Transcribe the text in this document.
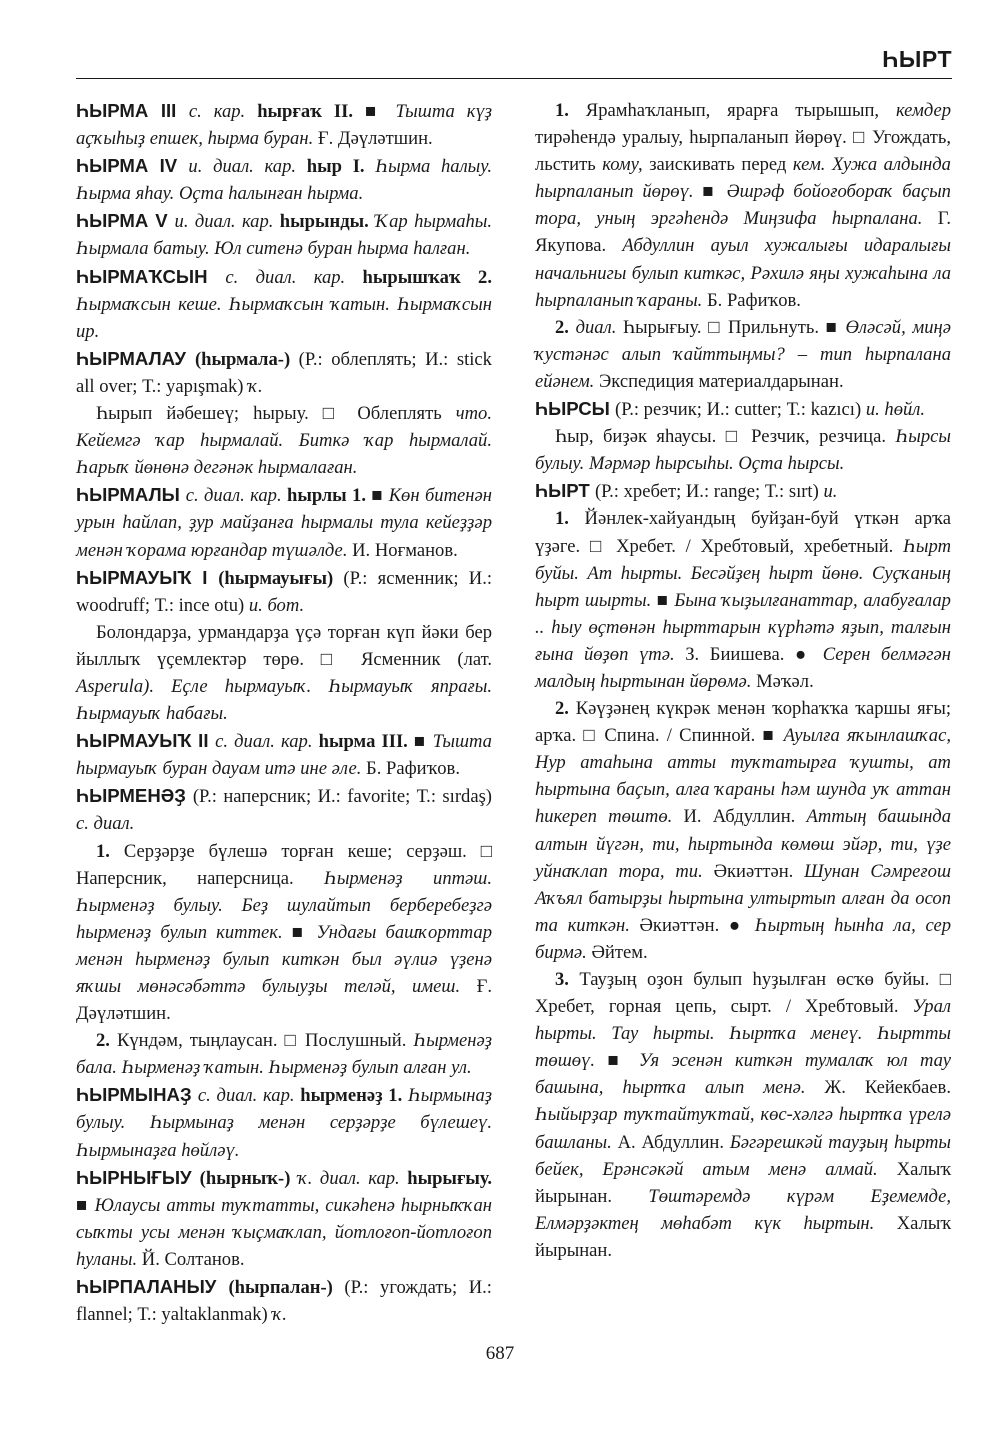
ҺЫРТ

ҺЫРМА III с. кар. һырғаҡ II. ■ Тышта күҙ аҫҡыһыҙ епшек, һырма буран. Ғ. Дәүләтшин.

ҺЫРМА IV и. диал. кар. һыр I. Һырма һалыу. Һырма яһау. Оҫта һалынған һырма.

ҺЫРМА V и. диал. кар. һырынды. Ҡар һырмаһы. Һырмала батыу. Юл ситенә буран һырма һалған.

ҺЫРМАҠСЫН с. диал. кар. һырышҡаҡ 2. Һырмаҡсын кеше. Һырмаҡсын ҡатын. Һырмаҡсын ир.

ҺЫРМАЛАУ (һырмала-) (Р.: облеплять; И.: stick all over; Т.: yapışmak) ҡ.

Һырып йәбешеү; һырыу. □ Облеплять что. Кейемгә ҡар һырмалай. Биткә ҡар һырмалай. Һарыҡ йөнөнә дегәнәк һырмалаған.

ҺЫРМАЛЫ с. диал. кар. һырлы 1. ■ Көн битенән урын һайлап, ҙур майҙанға һырмалы тула кейеҙҙәр менән ҡорама юрғандар түшәлде. И. Ноғманов.

ҺЫРМАУЫҠ I (һырмауығы) (Р.: ясменник; И.: woodruff; Т.: ince otu) и. бот.

Болондарҙа, урмандарҙа үҫә торған күп йәки бер йыллыҡ үҫемлектәр төрө. □ Ясменник (лат. Asperula). Еҫле һырмауыҡ. Һырмауыҡ япрағы. Һырмауыҡ һабағы.

ҺЫРМАУЫҠ II с. диал. кар. һырма III. ■ Тышта һырмауыҡ буран дауам итә ине әле. Б. Рафиҡов.

ҺЫРМЕНӘҘ (Р.: наперсник; И.: favorite; Т.: sırdaş) с. диал.

1. Серҙәрҙе бүлешә торған кеше; серҙәш. □ Наперсник, наперсница. Һырменәҙ иптәш. Һырменәҙ булыу. Беҙ шулайтып берберебеҙгә һырменәҙ булып киттек. ■ Ундағы башҡорттар менән һырменәҙ булып киткән был әүлиә үҙенә яҡшы мөнәсәбәттә булыуҙы теләй, имеш. Ғ. Дәүләтшин.

2. Күндәм, тыңлаусан. □ Послушный. Һырменәҙ бала. Һырменәҙ ҡатын. Һырменәҙ булып алған ул.

ҺЫРМЫНАҘ с. диал. кар. һырменәҙ 1. Һырмынаҙ булыу. Һырмынаҙ менән серҙәрҙе бүлешеү. Һырмынаҙға һөйләү.

ҺЫРНЫҒЫУ (һырныҡ-) ҡ. диал. кар. һырығыу. ■ Юлаусы атты туҡтатты, сикәһенә һырныҡҡан сыҡты усы менән ҡыҫмаҡлап, йотлоғоп-йотлоғоп һуланы. Й. Солтанов.

ҺЫРПАЛАНЫУ (һырпалан-) (Р.: угождать; И.: flannel; Т.: yaltaklanmak) ҡ.

1. Ярамһаҡланып, ярарға тырышып, кемдер тирәһендә уралыу, һырпаланып йөрөү. □ Угождать, льстить кому, заискивать перед кем. Хужа алдында һырпаланып йөрөү. ■ Әшрәф бойоғобораҡ баҫып тора, уның эргәһендә Миңзифа һырпалана. Г. Якупова. Абдуллин ауыл хужалығы идаралығы начальнигы булып киткәс, Рәхилә яңы хужаһына ла һырпаланып ҡараны. Б. Рафиҡов.

2. диал. Һырығыу. □ Прильнуть. ■ Өләсәй, миңә ҡустәнәс алып ҡайттыңмы? – тип һырпалана ейәнем. Экспедиция материалдарынан.

ҺЫРСЫ (Р.: резчик; И.: cutter; Т.: kazıcı) и. һөйл.

Һыр, биҙәк яһаусы. □ Резчик, резчица. Һырсы булыу. Мәрмәр һырсыһы. Оҫта һырсы.

ҺЫРТ (Р.: хребет; И.: range; Т.: sırt) и.

1. Йәнлек-хайуандың буйҙан-буй үткән арҡа үҙәге. □ Хребет. / Хребтовый, хребетный. Һырт буйы. Ат һырты. Бесәйҙең һырт йөнө. Суҫҡаның һырт шырты. ■ Бына ҡыҙылғанаттар, алабуғалар .. һыу өҫтөнән һырттарын күрһәтә яҙып, талғын ғына йөҙөп үтә. З. Биишева. ● Серен белмәгән малдың һыртынан йөрөмә. Мәҡәл.

2. Кәүҙәнең күкрәк менән ҡорһаҡҡа ҡаршы яғы; арҡа. □ Спина. / Спинной. ■ Ауылға яҡынлашҡас, Нур атаһына атты туҡтатырға ҡушты, ат һыртына баҫып, алға ҡараны һәм шунда уҡ аттан һикереп төштө. И. Абдуллин. Аттың башында алтын йүгән, ти, һыртында көмөш эйәр, ти, үҙе уйнаҡлап тора, ти. Әкиәттән. Шунан Сәмреғош Аҡъял батырҙы һыртына ултыртып алған да осоп та киткән. Әкиәттән. ● Һыртың һынһа ла, сер бирмә. Әйтем.

3. Тауҙың оҙон булып һуҙылған өсҡө буйы. □ Хребет, горная цепь, сырт. / Хребтовый. Урал һырты. Тау һырты. Һыртҡа менеү. Һыртты төшөү. ■ Уя эсенән киткән тумалаҡ юл тау башына, һыртҡа алып менә. Ж. Кейекбаев. Һыйырҙар туҡтайтуҡтай, көс-хәлгә һыртҡа үрелә башланы. А. Абдуллин. Бәгәрешкәй тауҙың һырты бейек, Ерәнсәкәй атым менә алмай. Халыҡ йырынан. Төштәремдә күрәм Еҙемемде, Елмәрҙәктең мөһабәт күк һыртын. Халыҡ йырынан.

687
